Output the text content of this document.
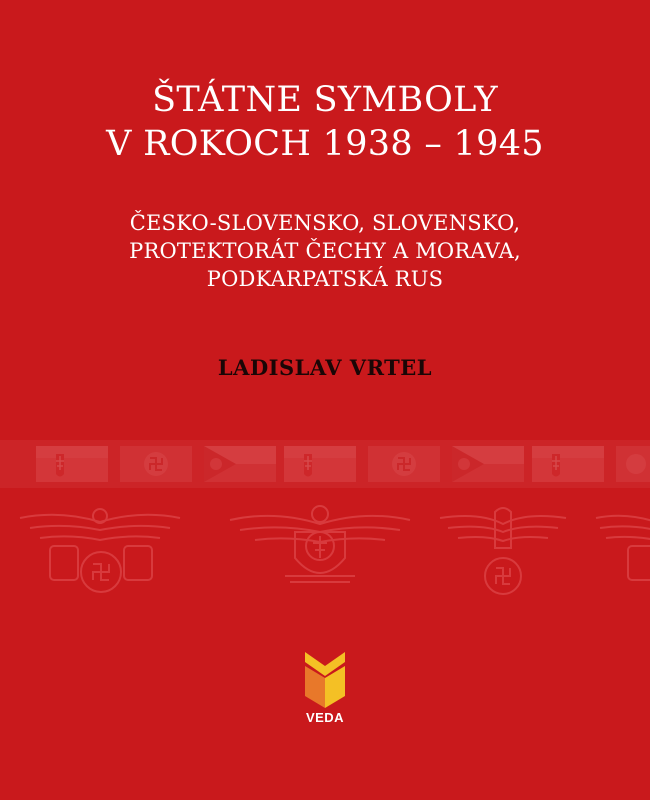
ŠTÁTNE SYMBOLY
V ROKOCH 1938 – 1945
ČESKO-SLOVENSKO, SLOVENSKO,
PROTEKTORÁT ČECHY A MORAVA,
PODKARPATSKÁ RUS
LADISLAV VRTEL
VEDA
